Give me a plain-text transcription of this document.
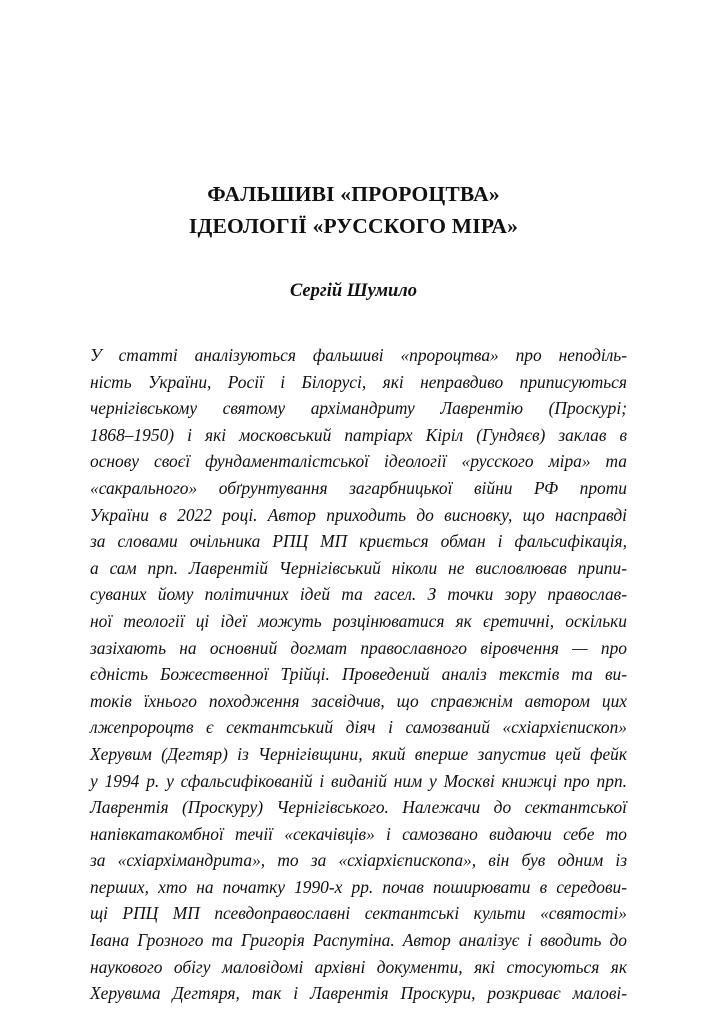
ФАЛЬШИВІ «ПРОРОЦТВА»
ІДЕОЛОГІЇ «РУССКОГО МІРА»
Сергій Шумило
У статті аналізуються фальшиві «пророцтва» про неподіль-
ність України, Росії і Білорусі, які неправдиво приписуються
чернігівському святому архімандриту Лаврентію (Проскурі;
1868–1950) і які московський патріарх Кіріл (Гундяєв) заклав в
основу своєї фундаменталістської ідеології «русского міра» та
«сакрального» обґрунтування загарбницької війни РФ проти
України в 2022 році. Автор приходить до висновку, що насправді
за словами очільника РПЦ МП криється обман і фальсифікація,
а сам прп. Лаврентій Чернігівський ніколи не висловлював припи-
суваних йому політичних ідей та гасел. З точки зору православ-
ної теології ці ідеї можуть розцінюватися як єретичні, оскільки
зазіхають на основний догмат православного віровчення — про
єдність Божественної Трійці. Проведений аналіз текстів та ви-
токів їхнього походження засвідчив, що справжнім автором цих
лжепророцтв є сектантський діяч і самозваний «схіархієпископ»
Херувим (Дегтяр) із Чернігівщини, який вперше запустив цей фейк
у 1994 р. у сфальсифікованій і виданій ним у Москві книжці про прп.
Лаврентія (Проскуру) Чернігівського. Належачи до сектантської
напівкатакомбної течії «секачівців» і самозвано видаючи себе то
за «схіархімандрита», то за «схіархієпископа», він був одним із
перших, хто на початку 1990-х рр. почав поширювати в середови-
щі РПЦ МП псевдоправославні сектантські культи «святості»
Івана Грозного та Григорія Распутіна. Автор аналізує і вводить до
наукового обігу маловідомі архівні документи, які стосуються як
Херувима Дегтяря, так і Лаврентія Проскури, розкриває малові-
